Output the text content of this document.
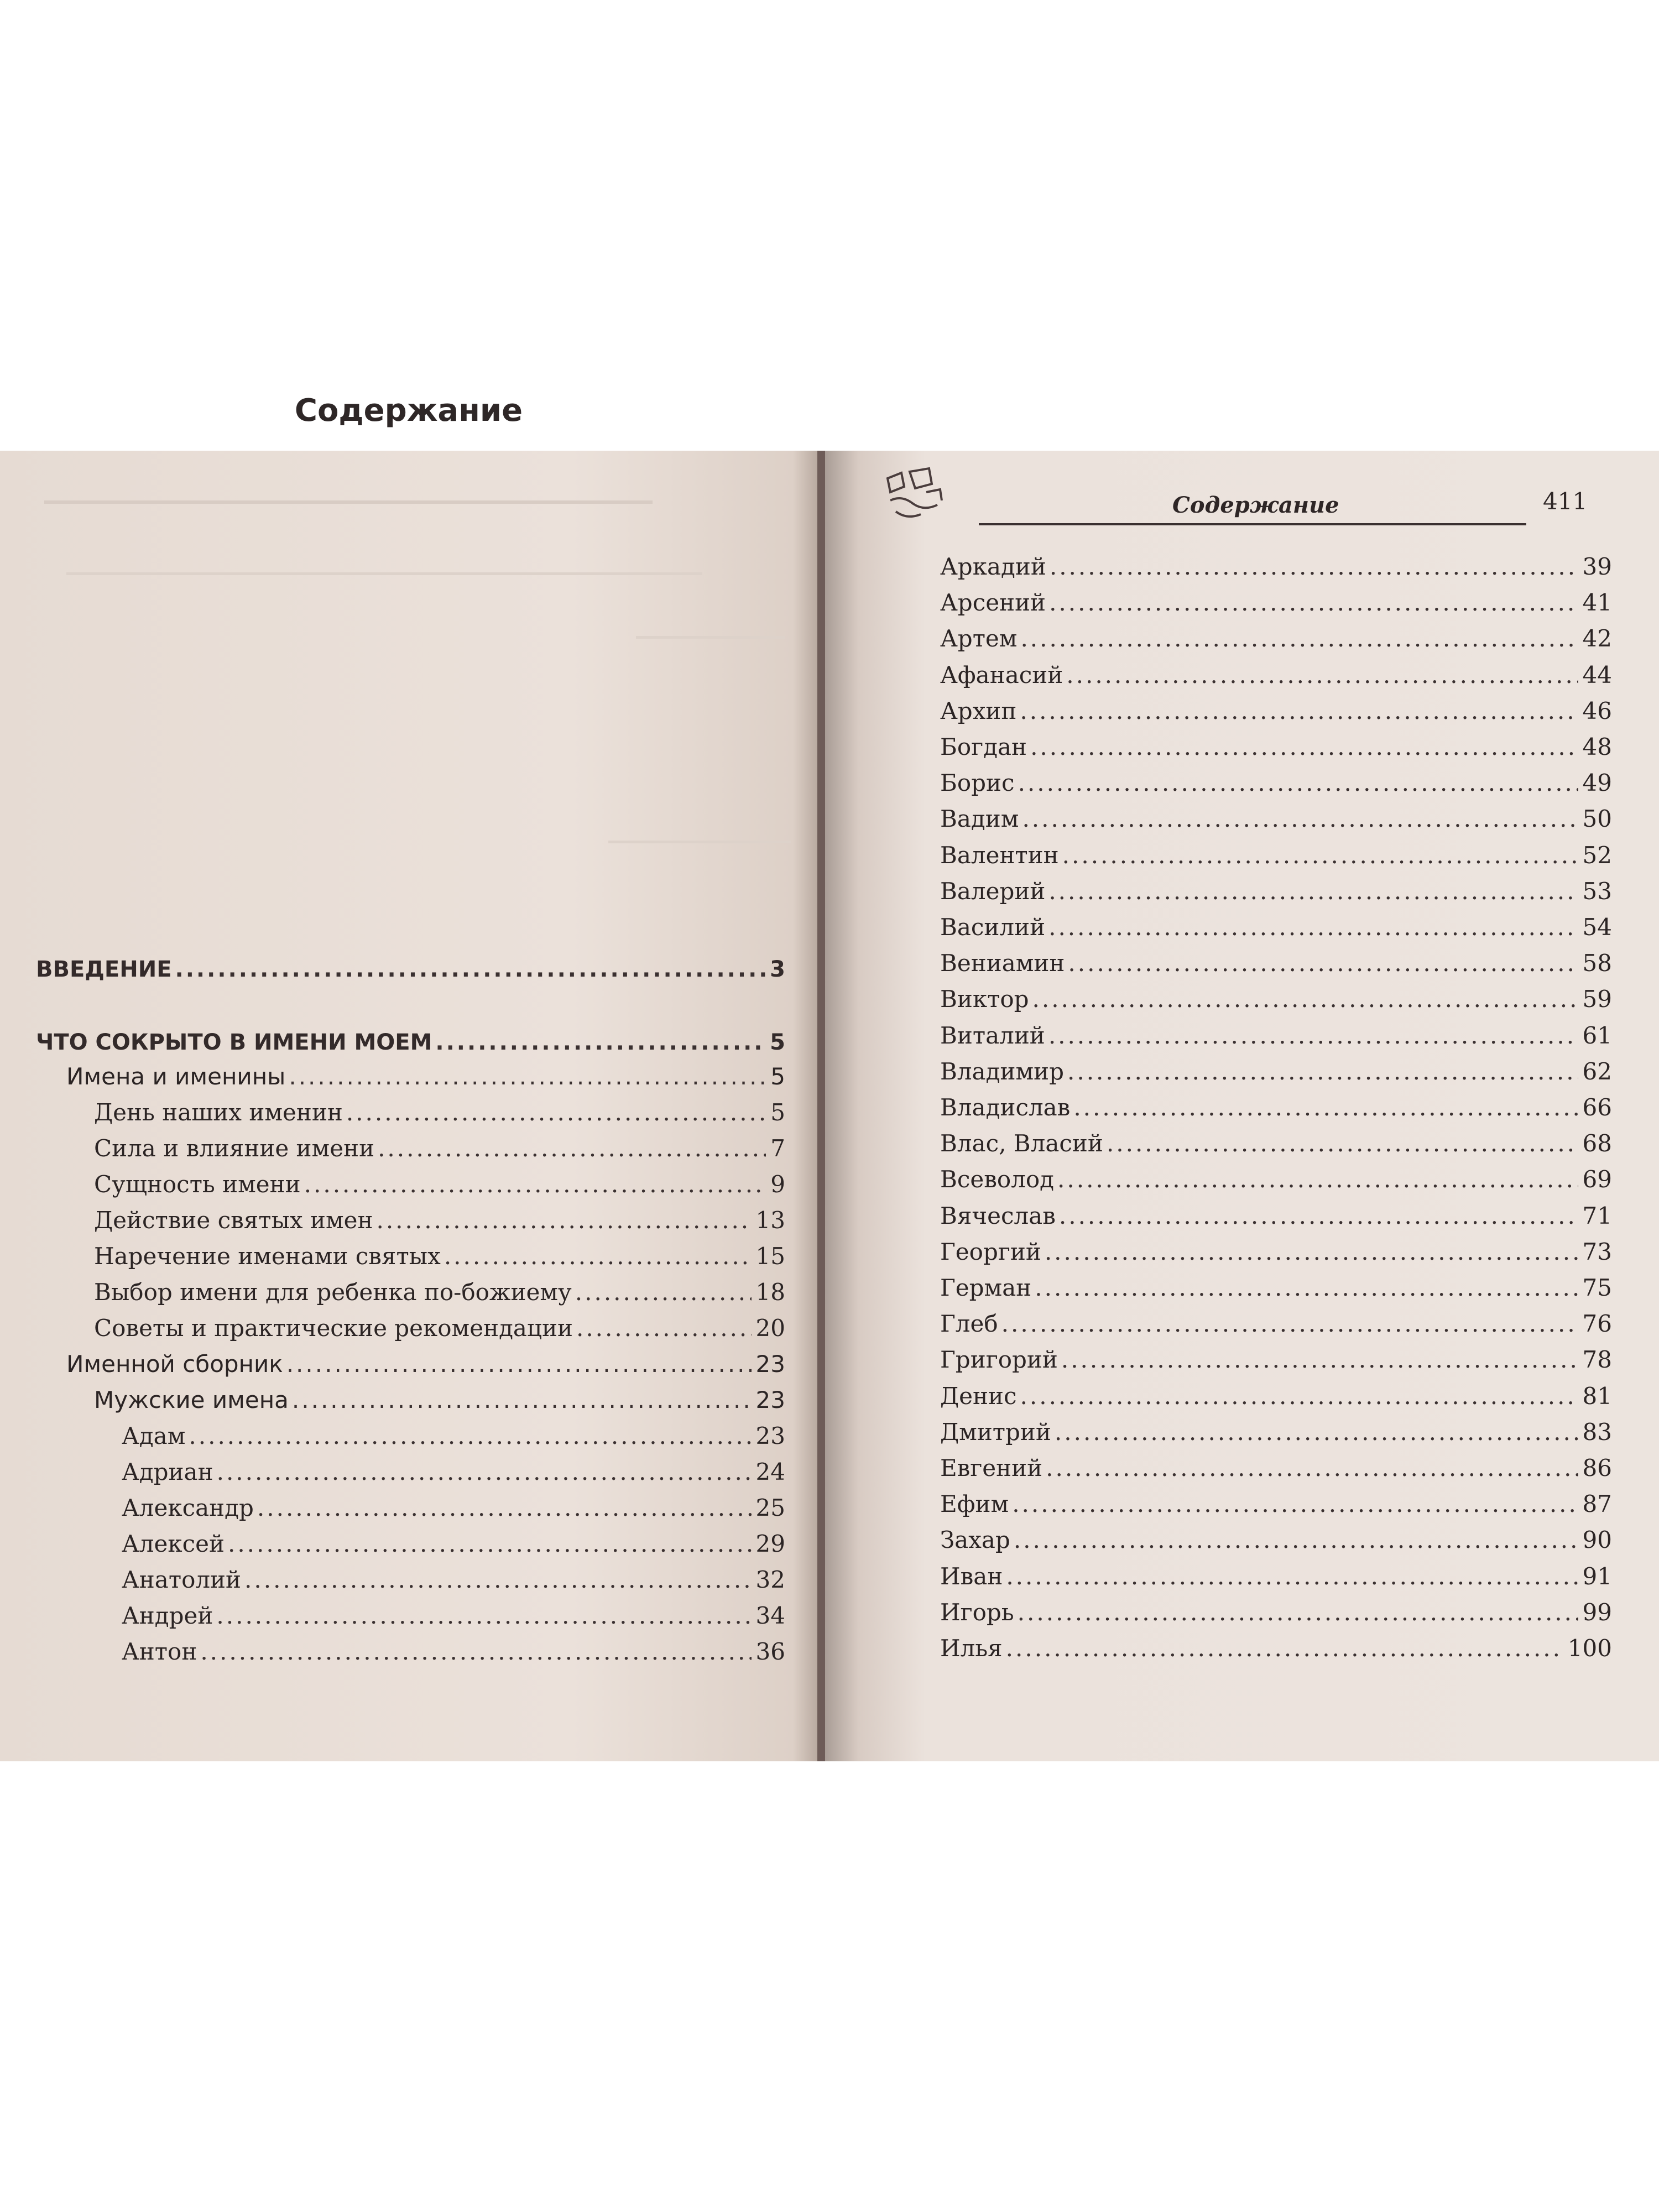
Содержание
ВВЕДЕНИЕ .....	3
ЧТО СОКРЫТО В ИМЕНИ МОЕМ .....	5
Имена и именины .....	5
День наших именин .....	5
Сила и влияние имени .....	7
Сущность имени .....	9
Действие святых имен .....	13
Наречение именами святых .....	15
Выбор имени для ребенка по-божиему .....	18
Советы и практические рекомендации .....	20
Именной сборник .....	23
Мужские имена .....	23
Адам .....	23
Адриан .....	24
Александр .....	25
Алексей .....	29
Анатолий .....	32
Андрей .....	34
Антон .....	36
Содержание	411
Аркадий .....	39
Арсений .....	41
Артем .....	42
Афанасий .....	44
Архип .....	46
Богдан .....	48
Борис .....	49
Вадим .....	50
Валентин .....	52
Валерий .....	53
Василий .....	54
Вениамин .....	58
Виктор .....	59
Виталий .....	61
Владимир .....	62
Владислав .....	66
Влас, Власий .....	68
Всеволод .....	69
Вячеслав .....	71
Георгий .....	73
Герман .....	75
Глеб .....	76
Григорий .....	78
Денис .....	81
Дмитрий .....	83
Евгений .....	86
Ефим .....	87
Захар .....	90
Иван .....	91
Игорь .....	99
Илья .....	100
